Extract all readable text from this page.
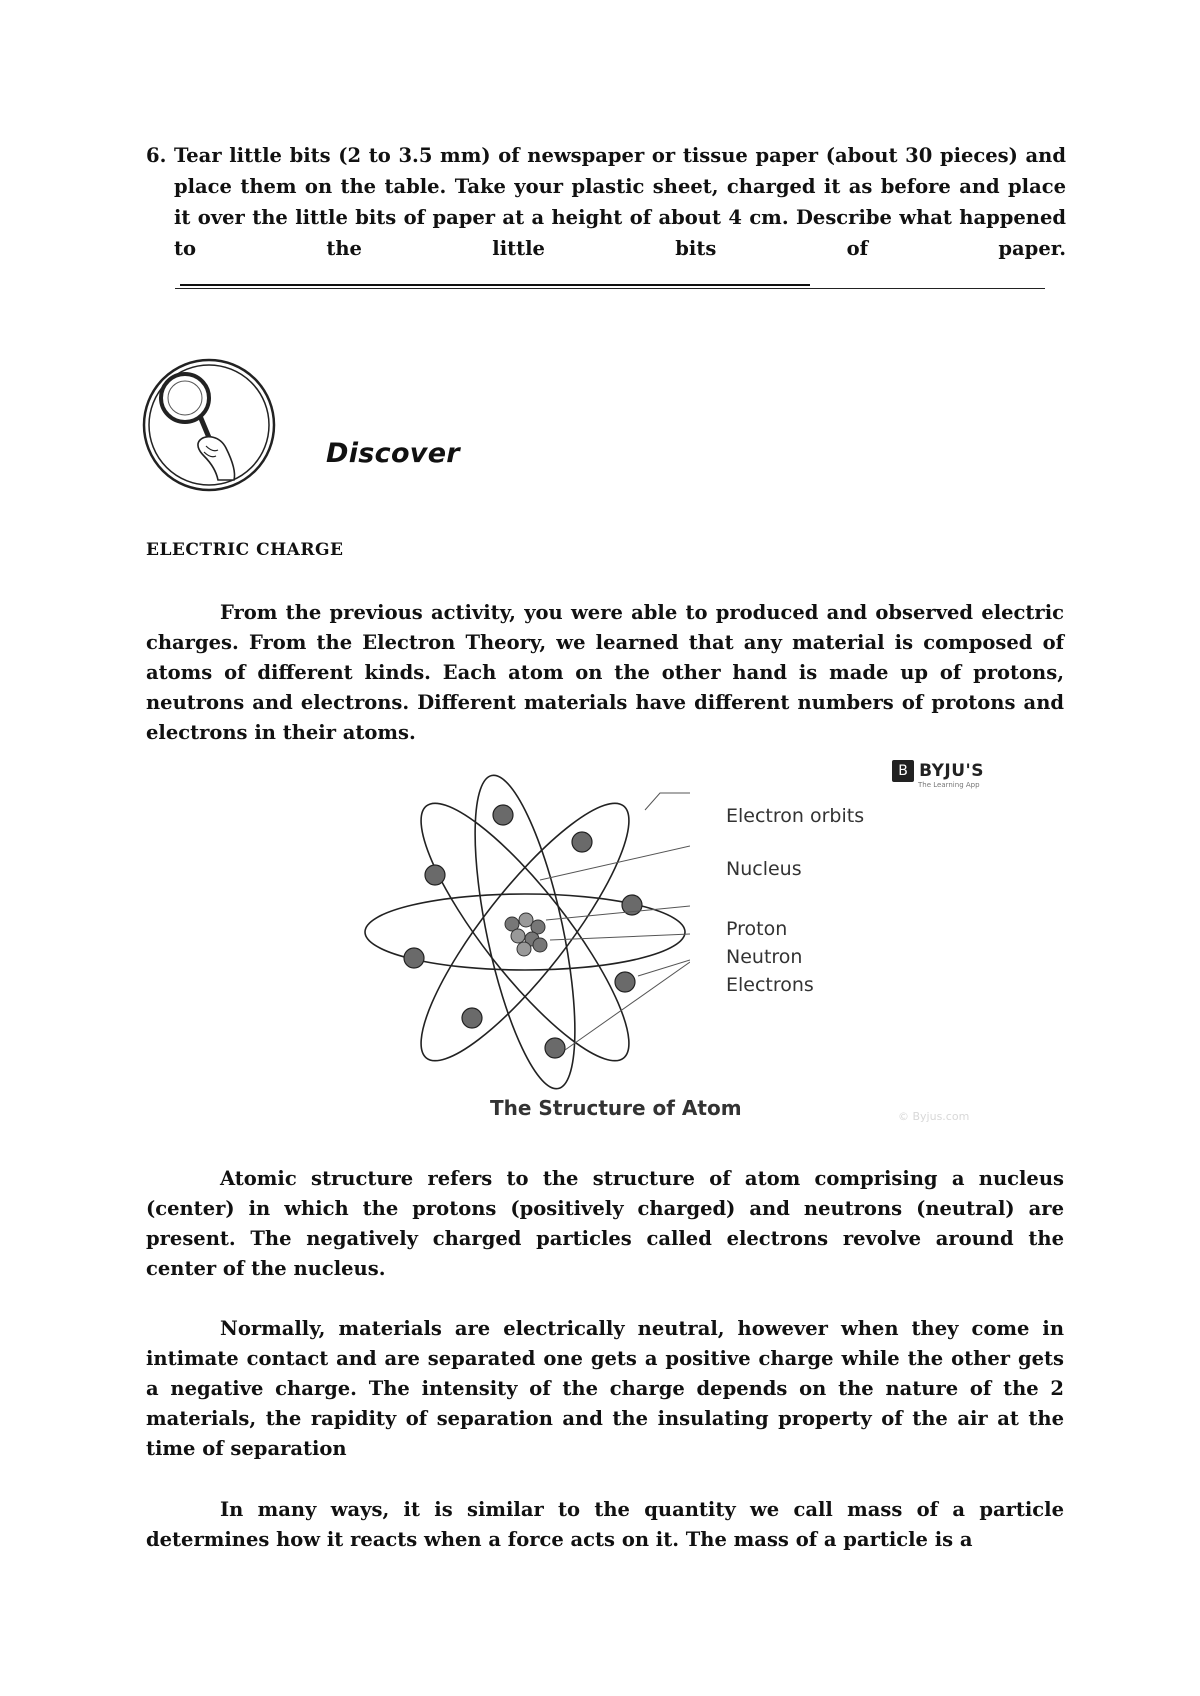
6. Tear little bits (2 to 3.5 mm) of newspaper or tissue paper (about 30 pieces) and place them on the table. Take your plastic sheet, charged it as before and place it over the little bits of paper at a height of about 4 cm. Describe what happened to the little bits of paper.
Discover
ELECTRIC CHARGE
From the previous activity, you were able to produced and observed electric charges. From the Electron Theory, we learned that any material is composed of atoms of different kinds. Each atom on the other hand is made up of protons, neutrons and electrons. Different materials have different numbers of protons and electrons in their atoms.
B BYJU'S
The Learning App
Electron orbits
Nucleus
Proton
Neutron
Electrons
The Structure of Atom	© Byjus.com
Atomic structure refers to the structure of atom comprising a nucleus (center) in which the protons (positively charged) and neutrons (neutral) are present. The negatively charged particles called electrons revolve around the center of the nucleus.
Normally, materials are electrically neutral, however when they come in intimate contact and are separated one gets a positive charge while the other gets a negative charge. The intensity of the charge depends on the nature of the 2 materials, the rapidity of separation and the insulating property of the air at the time of separation
In many ways, it is similar to the quantity we call mass of a particle determines how it reacts when a force acts on it. The mass of a particle is a
